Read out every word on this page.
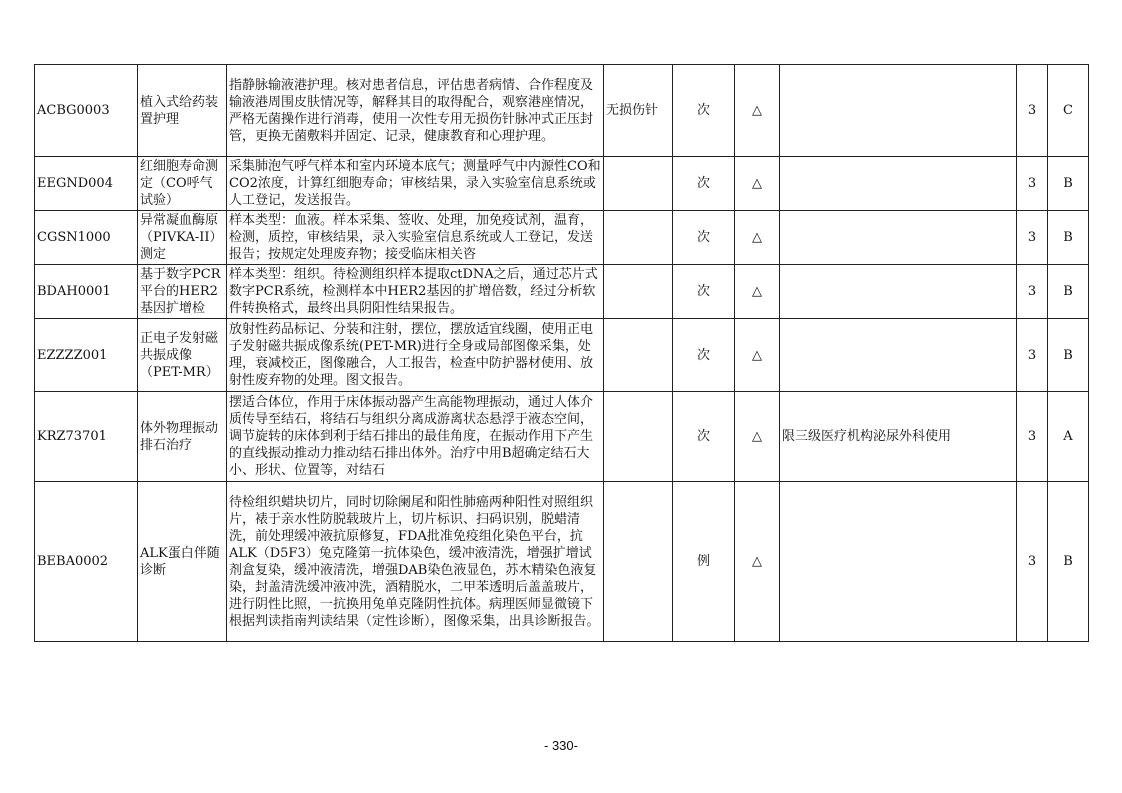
ACBG0003	植入式给药装置护理	指静脉输液港护理。核对患者信息，评估患者病情、合作程度及输液港周围皮肤情况等，解释其目的取得配合，观察港座情况，严格无菌操作进行消毒，使用一次性专用无损伤针脉冲式正压封管，更换无菌敷料并固定、记录，健康教育和心理护理。	无损伤针	次	△		3	C
EEGND004	红细胞寿命测定（CO呼气试验）	采集肺泡气呼气样本和室内环境本底气；测量呼气中内源性CO和CO2浓度，计算红细胞寿命；审核结果，录入实验室信息系统或人工登记，发送报告。		次	△		3	B
CGSN1000	异常凝血酶原（PIVKA-II）测定	样本类型：血液。样本采集、签收、处理，加免疫试剂，温育，检测，质控，审核结果，录入实验室信息系统或人工登记，发送报告；按规定处理废弃物；接受临床相关咨		次	△		3	B
BDAH0001	基于数字PCR平台的HER2基因扩增检	样本类型：组织。待检测组织样本提取ctDNA之后，通过芯片式数字PCR系统，检测样本中HER2基因的扩增倍数，经过分析软件转换格式，最终出具阴阳性结果报告。		次	△		3	B
EZZZZ001	正电子发射磁共振成像（PET-MR）	放射性药品标记、分装和注射，摆位，摆放适宜线圈，使用正电子发射磁共振成像系统(PET-MR)进行全身或局部图像采集，处理，衰减校正，图像融合，人工报告，检查中防护器材使用、放射性废弃物的处理。图文报告。		次	△		3	B
KRZ73701	体外物理振动排石治疗	摆适合体位，作用于床体振动器产生高能物理振动，通过人体介质传导至结石，将结石与组织分离成游离状态悬浮于液态空间，调节旋转的床体到利于结石排出的最佳角度，在振动作用下产生的直线振动推动力推动结石排出体外。治疗中用B超确定结石大小、形状、位置等，对结石		次	△	限三级医疗机构泌尿外科使用	3	A
BEBA0002	ALK蛋白伴随诊断	待检组织蜡块切片，同时切除阑尾和阳性肺癌两种阳性对照组织片，裱于亲水性防脱载玻片上，切片标识、扫码识别，脱蜡清洗，前处理缓冲液抗原修复，FDA批准免疫组化染色平台，抗ALK（D5F3）兔克隆第一抗体染色，缓冲液清洗，增强扩增试剂盒复染，缓冲液清洗，增强DAB染色液显色，苏木精染色液复染，封盖清洗缓冲液冲洗，酒精脱水，二甲苯透明后盖盖玻片，进行阴性比照，一抗换用兔单克隆阴性抗体。病理医师显微镜下根据判读指南判读结果（定性诊断），图像采集，出具诊断报告。		例	△		3	B
- 330-
